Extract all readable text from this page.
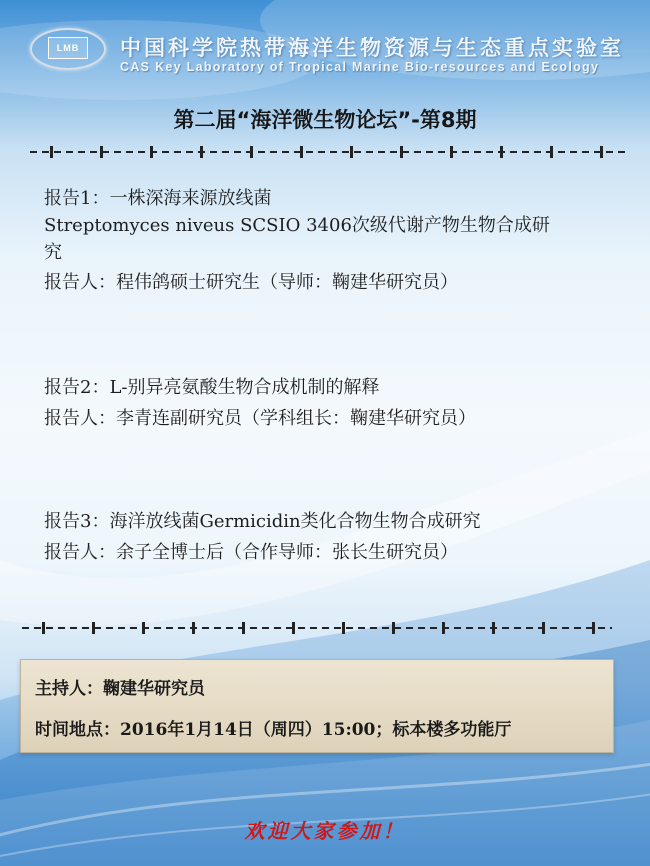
LMB	中国科学院热带海洋生物资源与生态重点实验室
CAS Key Laboratory of Tropical Marine Bio-resources and Ecology
第二届“海洋微生物论坛”-第8期
报告1：一株深海来源放线菌
Streptomyces niveus SCSIO 3406次级代谢产物生物合成研
究
报告人：程伟鸽硕士研究生（导师：鞠建华研究员）
报告2：L-别异亮氨酸生物合成机制的解释
报告人：李青连副研究员（学科组长：鞠建华研究员）
报告3：海洋放线菌Germicidin类化合物生物合成研究
报告人：余子全博士后（合作导师：张长生研究员）
主持人：鞠建华研究员
时间地点：2016年1月14日（周四）15:00；标本楼多功能厅
欢迎大家参加！
